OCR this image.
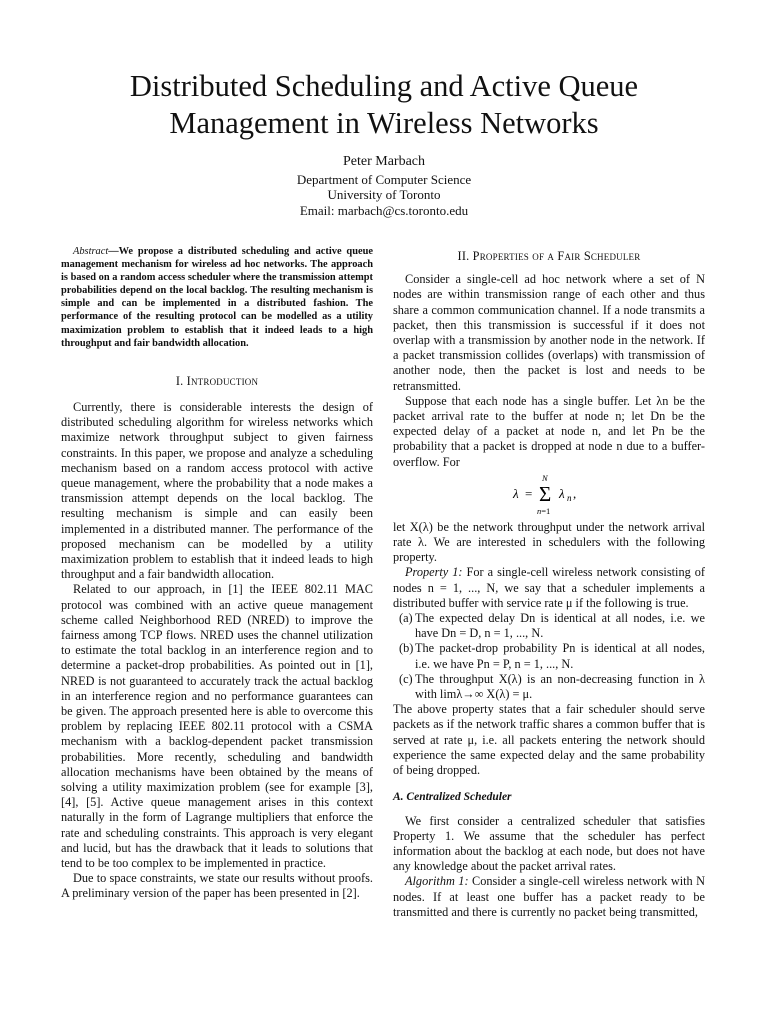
Distributed Scheduling and Active Queue
Management in Wireless Networks
Peter Marbach
Department of Computer Science
University of Toronto
Email: marbach@cs.toronto.edu
Abstract—We propose a distributed scheduling and active queue management mechanism for wireless ad hoc networks. The approach is based on a random access scheduler where the transmission attempt probabilities depend on the local backlog. The resulting mechanism is simple and can be implemented in a distributed fashion. The performance of the resulting protocol can be modelled as a utility maximization problem to establish that it indeed leads to a high throughput and fair bandwidth allocation.
I. Introduction

Currently, there is considerable interests the design of distributed scheduling algorithm for wireless networks which maximize network throughput subject to given fairness constraints. In this paper, we propose and analyze a scheduling mechanism based on a random access protocol with active queue management, where the probability that a node makes a transmission attempt depends on the local backlog. The resulting mechanism is simple and can easily been implemented in a distributed manner. The performance of the proposed mechanism can be modelled by a utility maximization problem to establish that it indeed leads to high throughput and a fair bandwidth allocation.

Related to our approach, in [1] the IEEE 802.11 MAC protocol was combined with an active queue management scheme called Neighborhood RED (NRED) to improve the fairness among TCP flows. NRED uses the channel utilization to estimate the total backlog in an interference region and to determine a packet-drop probabilities. As pointed out in [1], NRED is not guaranteed to accurately track the actual backlog in an interference region and no performance guarantees can be given. The approach presented here is able to overcome this problem by replacing IEEE 802.11 protocol with a CSMA mechanism with a backlog-dependent packet transmission probabilities. More recently, scheduling and bandwidth allocation mechanisms have been obtained by the means of solving a utility maximization problem (see for example [3], [4], [5]. Active queue management arises in this context naturally in the form of Lagrange multipliers that enforce the rate and scheduling constraints. This approach is very elegant and lucid, but has the drawback that it leads to solutions that tend to be too complex to be implemented in practice.

Due to space constraints, we state our results without proofs. A preliminary version of the paper has been presented in [2].

II. Properties of a Fair Scheduler

Consider a single-cell ad hoc network where a set of N nodes are within transmission range of each other and thus share a common communication channel. If a node transmits a packet, then this transmission is successful if it does not overlap with a transmission by another node in the network. If a packet transmission collides (overlaps) with transmission of another node, then the packet is lost and needs to be retransmitted.

Suppose that each node has a single buffer. Let λn be the packet arrival rate to the buffer at node n; let Dn be the expected delay of a packet at node n, and let Pn be the probability that a packet is dropped at node n due to a buffer-overflow. For

λ = Σ
N
n=1
λ n ,

let X(λ) be the network throughput under the network arrival rate λ. We are interested in schedulers with the following property.

Property 1: For a single-cell wireless network consisting of nodes n = 1, ..., N, we say that a scheduler implements a distributed buffer with service rate μ if the following is true.

(a) The expected delay Dn is identical at all nodes, i.e. we have Dn = D, n = 1, ..., N.
(b) The packet-drop probability Pn is identical at all nodes, i.e. we have Pn = P, n = 1, ..., N.
(c) The throughput X(λ) is an non-decreasing function in λ with limλ→∞ X(λ) = μ.

The above property states that a fair scheduler should serve packets as if the network traffic shares a common buffer that is served at rate μ, i.e. all packets entering the network should experience the same expected delay and the same probability of being dropped.

A. Centralized Scheduler

We first consider a centralized scheduler that satisfies Property 1. We assume that the scheduler has perfect information about the backlog at each node, but does not have any knowledge about the packet arrival rates.

Algorithm 1: Consider a single-cell wireless network with N nodes. If at least one buffer has a packet ready to be transmitted and there is currently no packet being transmitted,
